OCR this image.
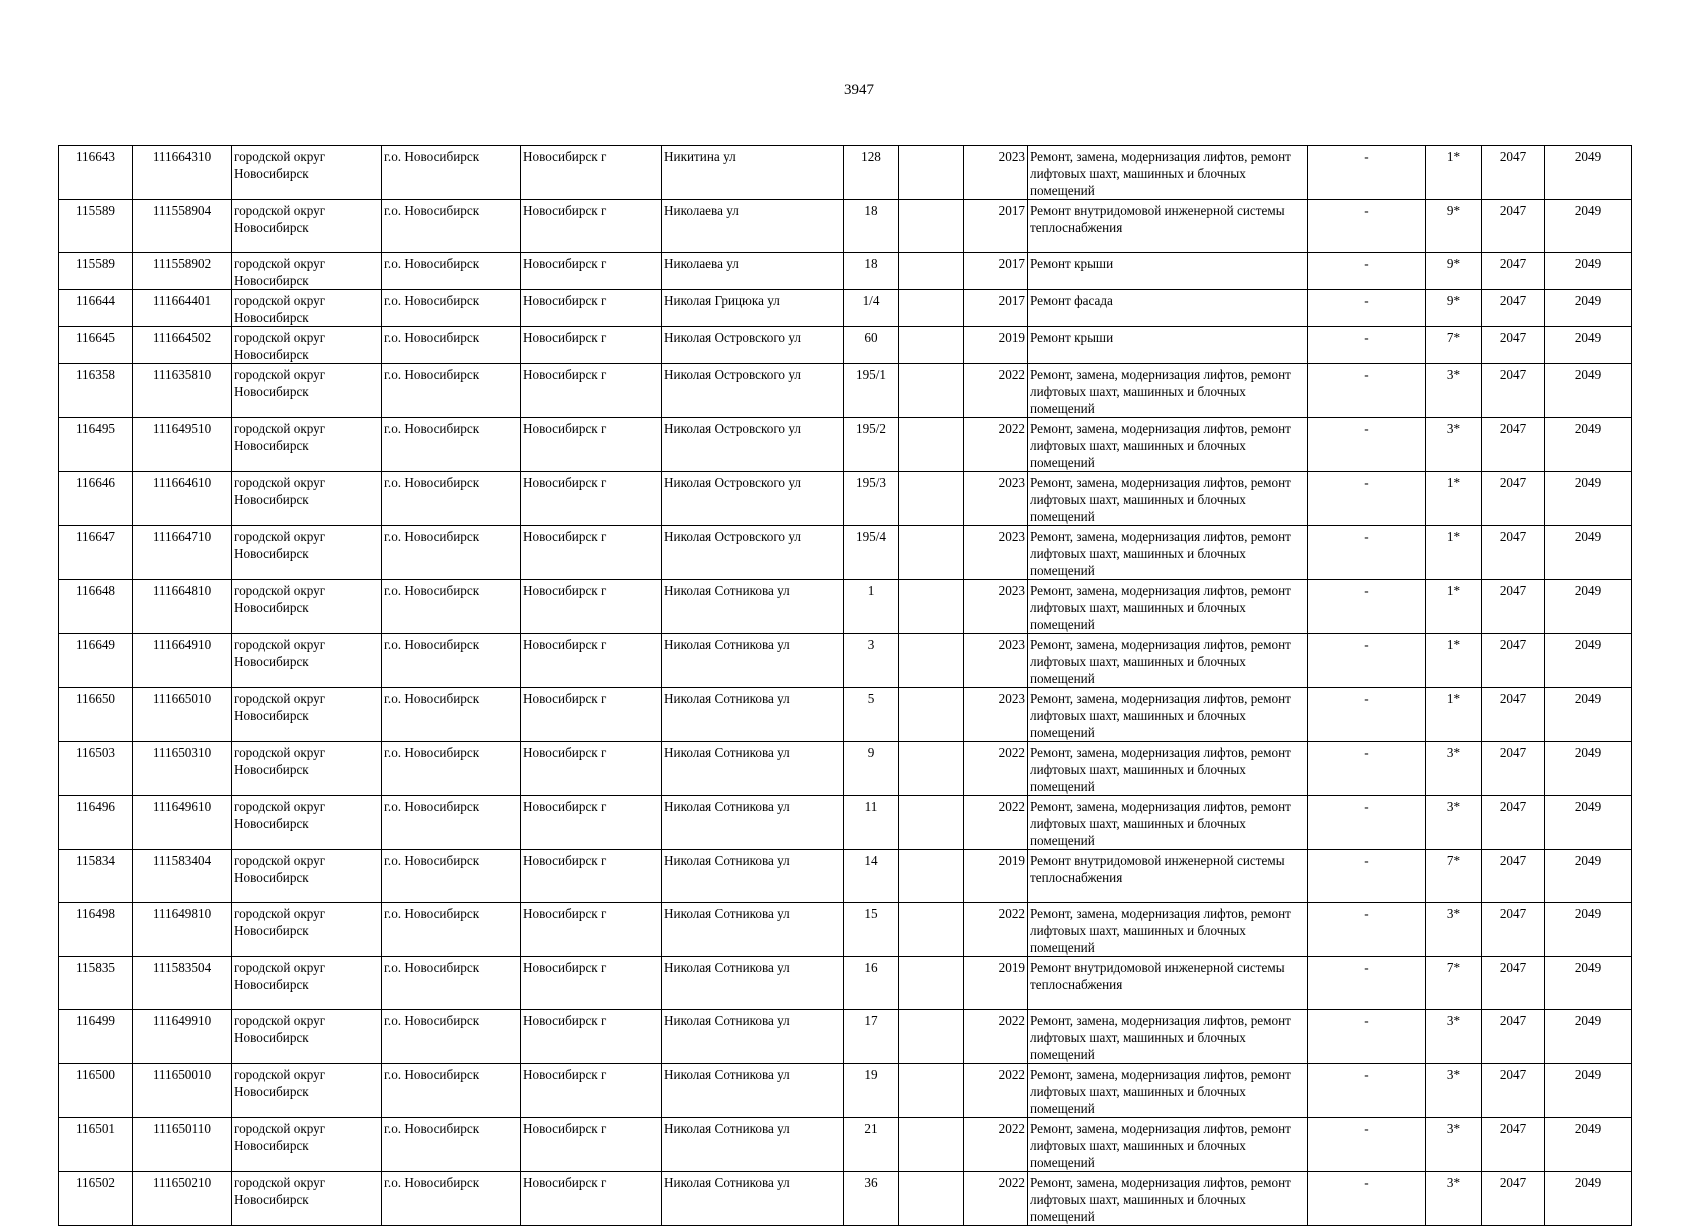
3947
116643	111664310	городской округ Новосибирск	г.о. Новосибирск	Новосибирск г	Никитина ул	128		2023	Ремонт, замена, модернизация лифтов, ремонт лифтовых шахт, машинных и блочных помещений	-	1*	2047	2049
115589	111558904	городской округ Новосибирск	г.о. Новосибирск	Новосибирск г	Николаева ул	18		2017	Ремонт внутридомовой инженерной системы теплоснабжения	-	9*	2047	2049
115589	111558902	городской округ Новосибирск	г.о. Новосибирск	Новосибирск г	Николаева ул	18		2017	Ремонт крыши	-	9*	2047	2049
116644	111664401	городской округ Новосибирск	г.о. Новосибирск	Новосибирск г	Николая Грицюка ул	1/4		2017	Ремонт фасада	-	9*	2047	2049
116645	111664502	городской округ Новосибирск	г.о. Новосибирск	Новосибирск г	Николая Островского ул	60		2019	Ремонт крыши	-	7*	2047	2049
116358	111635810	городской округ Новосибирск	г.о. Новосибирск	Новосибирск г	Николая Островского ул	195/1		2022	Ремонт, замена, модернизация лифтов, ремонт лифтовых шахт, машинных и блочных помещений	-	3*	2047	2049
116495	111649510	городской округ Новосибирск	г.о. Новосибирск	Новосибирск г	Николая Островского ул	195/2		2022	Ремонт, замена, модернизация лифтов, ремонт лифтовых шахт, машинных и блочных помещений	-	3*	2047	2049
116646	111664610	городской округ Новосибирск	г.о. Новосибирск	Новосибирск г	Николая Островского ул	195/3		2023	Ремонт, замена, модернизация лифтов, ремонт лифтовых шахт, машинных и блочных помещений	-	1*	2047	2049
116647	111664710	городской округ Новосибирск	г.о. Новосибирск	Новосибирск г	Николая Островского ул	195/4		2023	Ремонт, замена, модернизация лифтов, ремонт лифтовых шахт, машинных и блочных помещений	-	1*	2047	2049
116648	111664810	городской округ Новосибирск	г.о. Новосибирск	Новосибирск г	Николая Сотникова ул	1		2023	Ремонт, замена, модернизация лифтов, ремонт лифтовых шахт, машинных и блочных помещений	-	1*	2047	2049
116649	111664910	городской округ Новосибирск	г.о. Новосибирск	Новосибирск г	Николая Сотникова ул	3		2023	Ремонт, замена, модернизация лифтов, ремонт лифтовых шахт, машинных и блочных помещений	-	1*	2047	2049
116650	111665010	городской округ Новосибирск	г.о. Новосибирск	Новосибирск г	Николая Сотникова ул	5		2023	Ремонт, замена, модернизация лифтов, ремонт лифтовых шахт, машинных и блочных помещений	-	1*	2047	2049
116503	111650310	городской округ Новосибирск	г.о. Новосибирск	Новосибирск г	Николая Сотникова ул	9		2022	Ремонт, замена, модернизация лифтов, ремонт лифтовых шахт, машинных и блочных помещений	-	3*	2047	2049
116496	111649610	городской округ Новосибирск	г.о. Новосибирск	Новосибирск г	Николая Сотникова ул	11		2022	Ремонт, замена, модернизация лифтов, ремонт лифтовых шахт, машинных и блочных помещений	-	3*	2047	2049
115834	111583404	городской округ Новосибирск	г.о. Новосибирск	Новосибирск г	Николая Сотникова ул	14		2019	Ремонт внутридомовой инженерной системы теплоснабжения	-	7*	2047	2049
116498	111649810	городской округ Новосибирск	г.о. Новосибирск	Новосибирск г	Николая Сотникова ул	15		2022	Ремонт, замена, модернизация лифтов, ремонт лифтовых шахт, машинных и блочных помещений	-	3*	2047	2049
115835	111583504	городской округ Новосибирск	г.о. Новосибирск	Новосибирск г	Николая Сотникова ул	16		2019	Ремонт внутридомовой инженерной системы теплоснабжения	-	7*	2047	2049
116499	111649910	городской округ Новосибирск	г.о. Новосибирск	Новосибирск г	Николая Сотникова ул	17		2022	Ремонт, замена, модернизация лифтов, ремонт лифтовых шахт, машинных и блочных помещений	-	3*	2047	2049
116500	111650010	городской округ Новосибирск	г.о. Новосибирск	Новосибирск г	Николая Сотникова ул	19		2022	Ремонт, замена, модернизация лифтов, ремонт лифтовых шахт, машинных и блочных помещений	-	3*	2047	2049
116501	111650110	городской округ Новосибирск	г.о. Новосибирск	Новосибирск г	Николая Сотникова ул	21		2022	Ремонт, замена, модернизация лифтов, ремонт лифтовых шахт, машинных и блочных помещений	-	3*	2047	2049
116502	111650210	городской округ Новосибирск	г.о. Новосибирск	Новосибирск г	Николая Сотникова ул	36		2022	Ремонт, замена, модернизация лифтов, ремонт лифтовых шахт, машинных и блочных помещений	-	3*	2047	2049
